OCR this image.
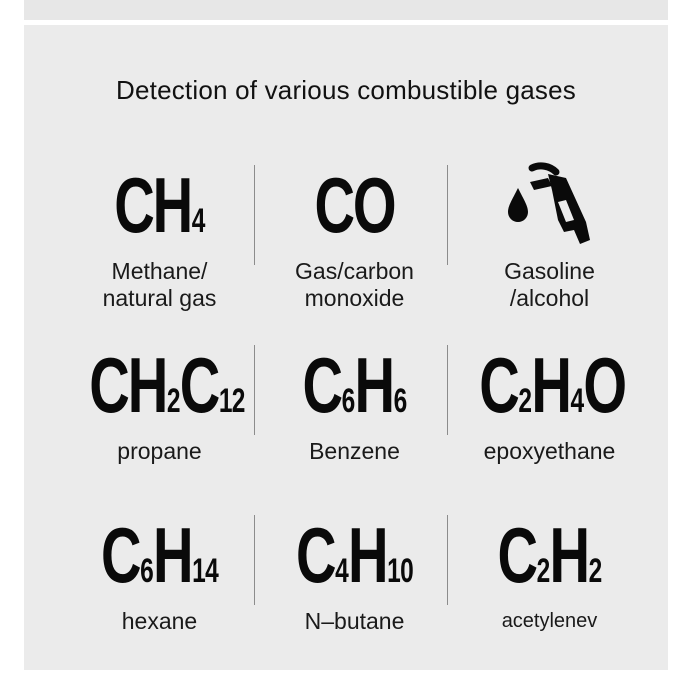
Detection of various combustible gases
CH4
Methane/
natural gas
CO
Gas/carbon
monoxide
Gasoline
/alcohol
CH2C12
propane
C6H6
Benzene
C2H4O
epoxyethane
C6H14
hexane
C4H10
N–butane
C2H2
acetylenev
